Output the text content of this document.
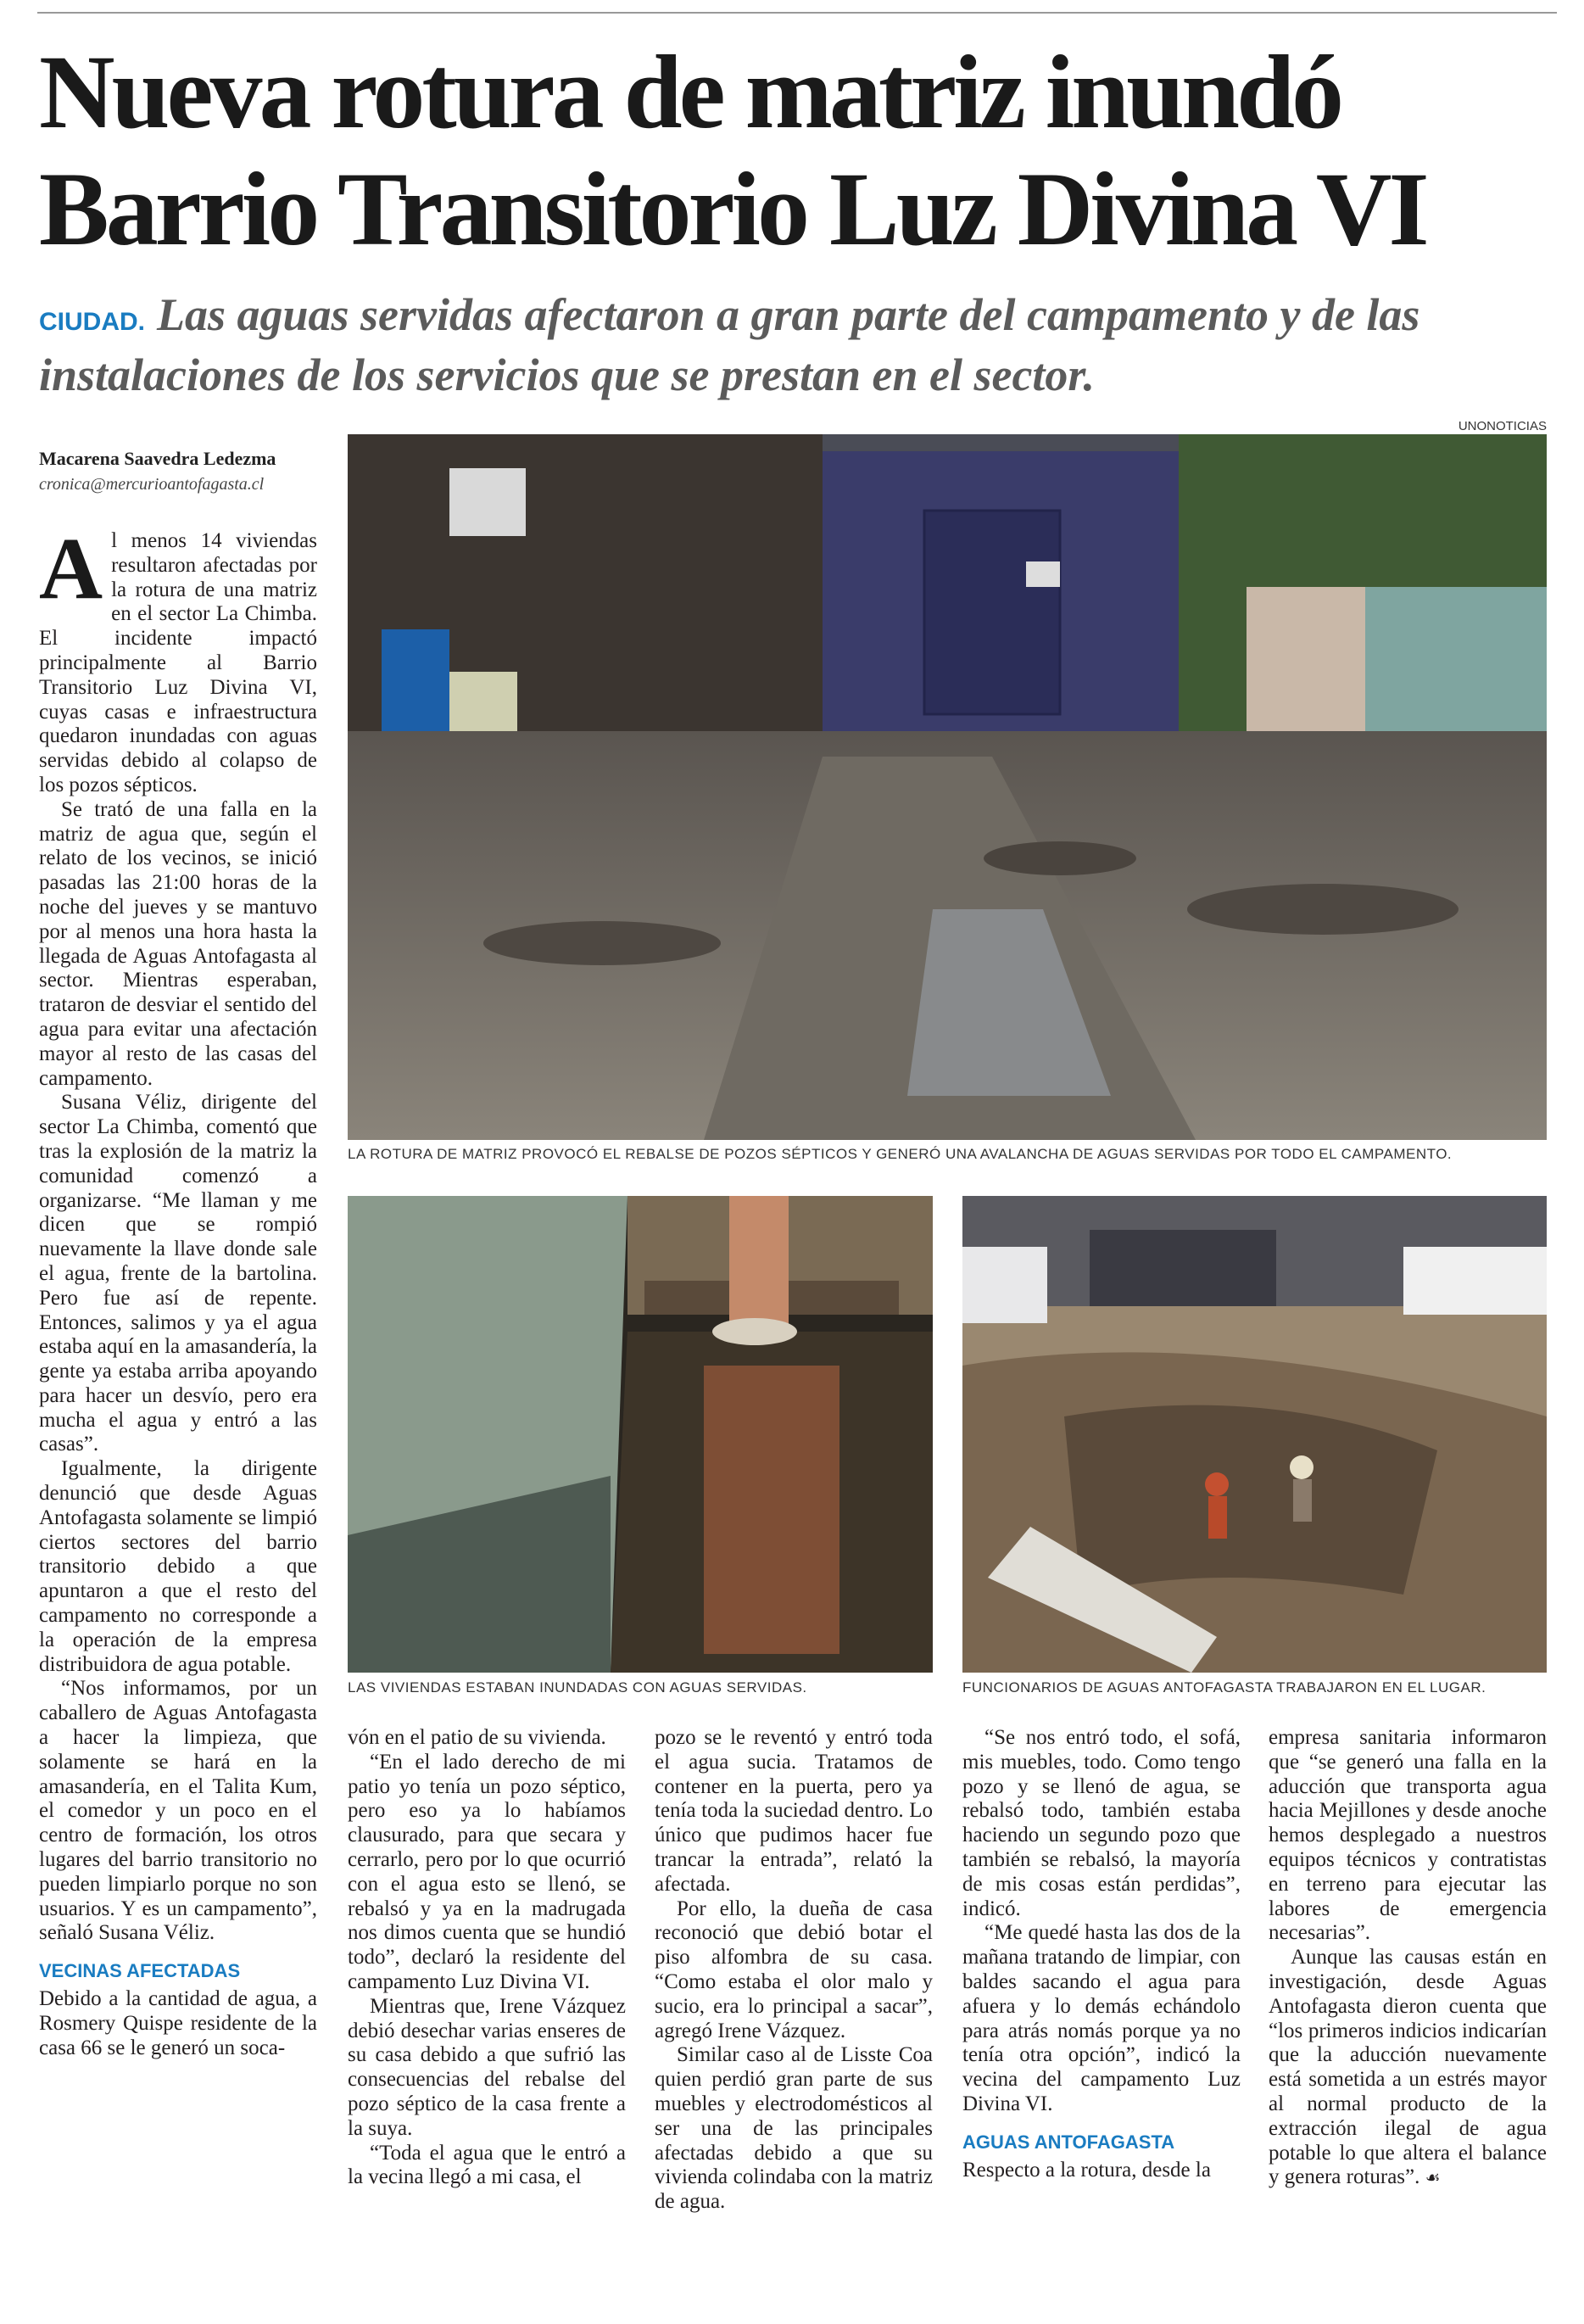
Nueva rotura de matriz inundó
Barrio Transitorio Luz Divina VI

CIUDAD. Las aguas servidas afectaron a gran parte del campamento y de las instalaciones de los servicios que se prestan en el sector.

UNONOTICIAS
Macarena Saavedra Ledezma
cronica@mercurioantofagasta.cl
LA ROTURA DE MATRIZ PROVOCÓ EL REBALSE DE POZOS SÉPTICOS Y GENERÓ UNA AVALANCHA DE AGUAS SERVIDAS POR TODO EL CAMPAMENTO.
LAS VIVIENDAS ESTABAN INUNDADAS CON AGUAS SERVIDAS.	FUNCIONARIOS DE AGUAS ANTOFAGASTA TRABAJARON EN EL LUGAR.

Al menos 14 viviendas resultaron afectadas por la rotura de una matriz en el sector La Chimba. El incidente impactó principalmente al Barrio Transitorio Luz Divina VI, cuyas casas e infraestructura quedaron inundadas con aguas servidas debido al colapso de los pozos sépticos.

Se trató de una falla en la matriz de agua que, según el relato de los vecinos, se inició pasadas las 21:00 horas de la noche del jueves y se mantuvo por al menos una hora hasta la llegada de Aguas Antofagasta al sector. Mientras esperaban, trataron de desviar el sentido del agua para evitar una afectación mayor al resto de las casas del campamento.

Susana Véliz, dirigente del sector La Chimba, comentó que tras la explosión de la matriz la comunidad comenzó a organizarse. “Me llaman y me dicen que se rompió nuevamente la llave donde sale el agua, frente de la bartolina. Pero fue así de repente. Entonces, salimos y ya el agua estaba aquí en la amasandería, la gente ya estaba arriba apoyando para hacer un desvío, pero era mucha el agua y entró a las casas”.

Igualmente, la dirigente denunció que desde Aguas Antofagasta solamente se limpió ciertos sectores del barrio transitorio debido a que apuntaron a que el resto del campamento no corresponde a la operación de la empresa distribuidora de agua potable.

“Nos informamos, por un caballero de Aguas Antofagasta a hacer la limpieza, que solamente se hará en la amasandería, en el Talita Kum, el comedor y un poco en el centro de formación, los otros lugares del barrio transitorio no pueden limpiarlo porque no son usuarios. Y es un campamento”, señaló Susana Véliz.

VECINAS AFECTADAS

Debido a la cantidad de agua, a Rosmery Quispe residente de la casa 66 se le generó un soca-

vón en el patio de su vivienda.

“En el lado derecho de mi patio yo tenía un pozo séptico, pero eso ya lo habíamos clausurado, para que secara y cerrarlo, pero por lo que ocurrió con el agua esto se llenó, se rebalsó y ya en la madrugada nos dimos cuenta que se hundió todo”, declaró la residente del campamento Luz Divina VI.

Mientras que, Irene Vázquez debió desechar varias enseres de su casa debido a que sufrió las consecuencias del rebalse del pozo séptico de la casa frente a la suya.

“Toda el agua que le entró a la vecina llegó a mi casa, el

pozo se le reventó y entró toda el agua sucia. Tratamos de contener en la puerta, pero ya tenía toda la suciedad dentro. Lo único que pudimos hacer fue trancar la entrada”, relató la afectada.

Por ello, la dueña de casa reconoció que debió botar el piso alfombra de su casa. “Como estaba el olor malo y sucio, era lo principal a sacar”, agregó Irene Vázquez.

Similar caso al de Lisste Coa quien perdió gran parte de sus muebles y electrodomésticos al ser una de las principales afectadas debido a que su vivienda colindaba con la matriz de agua.

“Se nos entró todo, el sofá, mis muebles, todo. Como tengo pozo y se llenó de agua, se rebalsó todo, también estaba haciendo un segundo pozo que también se rebalsó, la mayoría de mis cosas están perdidas”, indicó.

“Me quedé hasta las dos de la mañana tratando de limpiar, con baldes sacando el agua para afuera y lo demás echándolo para atrás nomás porque ya no tenía otra opción”, indicó la vecina del campamento Luz Divina VI.

AGUAS ANTOFAGASTA

Respecto a la rotura, desde la

empresa sanitaria informaron que “se generó una falla en la aducción que transporta agua hacia Mejillones y desde anoche hemos desplegado a nuestros equipos técnicos y contratistas en terreno para ejecutar las labores de emergencia necesarias”.

Aunque las causas están en investigación, desde Aguas Antofagasta dieron cuenta que “los primeros indicios indicarían que la aducción nuevamente está sometida a un estrés mayor al normal producto de la extracción ilegal de agua potable lo que altera el balance y genera roturas”. ☙
